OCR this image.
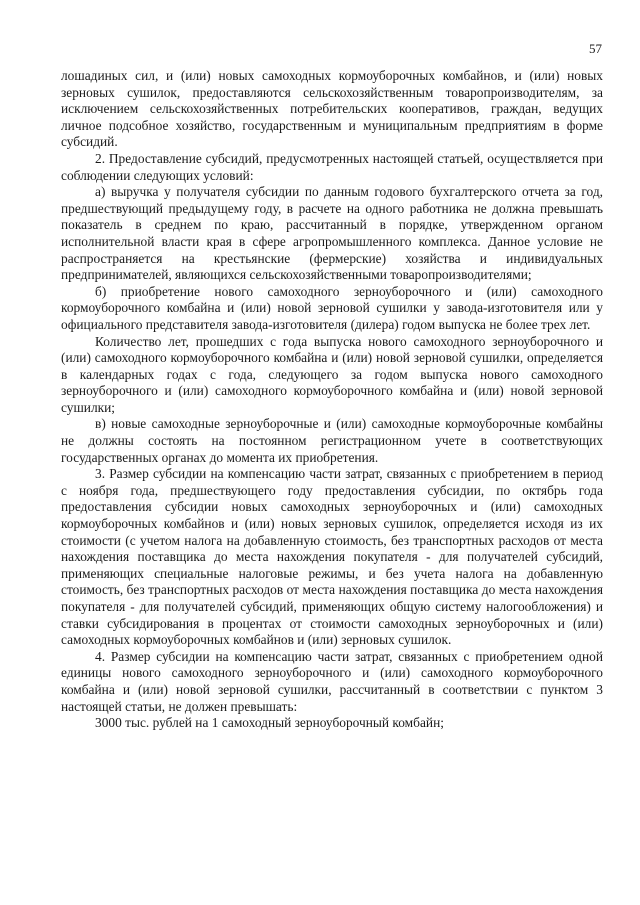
57

лошадиных сил, и (или) новых самоходных кормоуборочных комбайнов, и (или) новых зерновых сушилок, предоставляются сельскохозяйственным товаропроизводителям, за исключением сельскохозяйственных потребительских кооперативов, граждан, ведущих личное подсобное хозяйство, государственным и муниципальным предприятиям в форме субсидий.

2. Предоставление субсидий, предусмотренных настоящей статьей, осуществляется при соблюдении следующих условий:

а) выручка у получателя субсидии по данным годового бухгалтерского отчета за год, предшествующий предыдущему году, в расчете на одного работника не должна превышать показатель в среднем по краю, рассчитанный в порядке, утвержденном органом исполнительной власти края в сфере агропромышленного комплекса. Данное условие не распространяется на крестьянские (фермерские) хозяйства и индивидуальных предпринимателей, являющихся сельскохозяйственными товаропроизводителями;

б) приобретение нового самоходного зерноуборочного и (или) самоходного кормоуборочного комбайна и (или) новой зерновой сушилки у завода-изготовителя или у официального представителя завода-изготовителя (дилера) годом выпуска не более трех лет.

Количество лет, прошедших с года выпуска нового самоходного зерноуборочного и (или) самоходного кормоуборочного комбайна и (или) новой зерновой сушилки, определяется в календарных годах с года, следующего за годом выпуска нового самоходного зерноуборочного и (или) самоходного кормоуборочного комбайна и (или) новой зерновой сушилки;

в) новые самоходные зерноуборочные и (или) самоходные кормоуборочные комбайны не должны состоять на постоянном регистрационном учете в соответствующих государственных органах до момента их приобретения.

3. Размер субсидии на компенсацию части затрат, связанных с приобретением в период с ноября года, предшествующего году предоставления субсидии, по октябрь года предоставления субсидии новых самоходных зерноуборочных и (или) самоходных кормоуборочных комбайнов и (или) новых зерновых сушилок, определяется исходя из их стоимости (с учетом налога на добавленную стоимость, без транспортных расходов от места нахождения поставщика до места нахождения покупателя - для получателей субсидий, применяющих специальные налоговые режимы, и без учета налога на добавленную стоимость, без транспортных расходов от места нахождения поставщика до места нахождения покупателя - для получателей субсидий, применяющих общую систему налогообложения) и ставки субсидирования в процентах от стоимости самоходных зерноуборочных и (или) самоходных кормоуборочных комбайнов и (или) зерновых сушилок.

4. Размер субсидии на компенсацию части затрат, связанных с приобретением одной единицы нового самоходного зерноуборочного и (или) самоходного кормоуборочного комбайна и (или) новой зерновой сушилки, рассчитанный в соответствии с пунктом 3 настоящей статьи, не должен превышать:

3000 тыс. рублей на 1 самоходный зерноуборочный комбайн;
